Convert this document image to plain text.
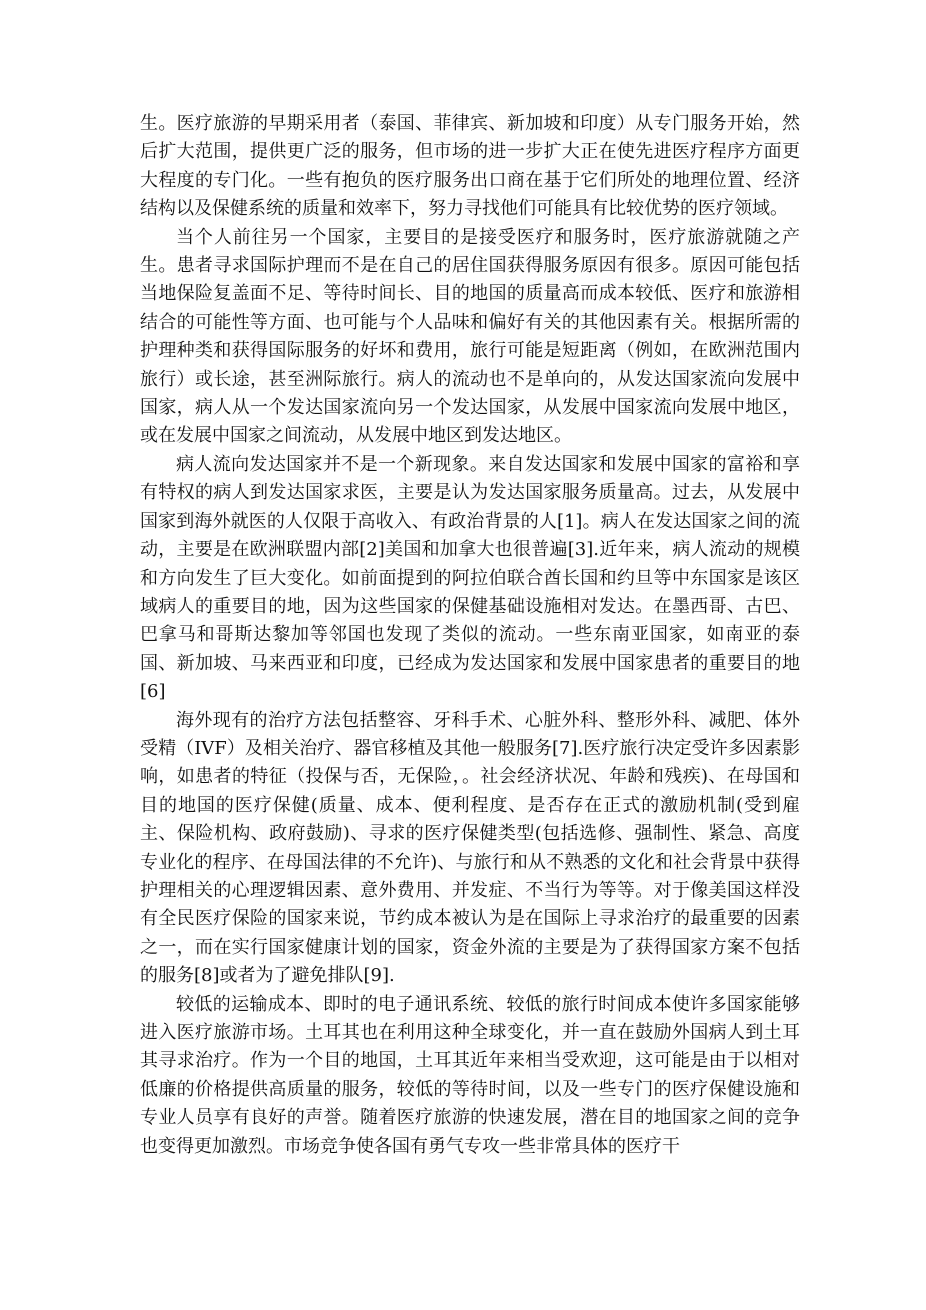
生。医疗旅游的早期采用者（泰国、菲律宾、新加坡和印度）从专门服务开始，然后扩大范围，提供更广泛的服务，但市场的进一步扩大正在使先进医疗程序方面更大程度的专门化。一些有抱负的医疗服务出口商在基于它们所处的地理位置、经济结构以及保健系统的质量和效率下，努力寻找他们可能具有比较优势的医疗领域。

当个人前往另一个国家，主要目的是接受医疗和服务时，医疗旅游就随之产生。患者寻求国际护理而不是在自己的居住国获得服务原因有很多。原因可能包括当地保险复盖面不足、等待时间长、目的地国的质量高而成本较低、医疗和旅游相结合的可能性等方面、也可能与个人品味和偏好有关的其他因素有关。根据所需的护理种类和获得国际服务的好坏和费用，旅行可能是短距离（例如，在欧洲范围内旅行）或长途，甚至洲际旅行。病人的流动也不是单向的，从发达国家流向发展中国家，病人从一个发达国家流向另一个发达国家，从发展中国家流向发展中地区，或在发展中国家之间流动，从发展中地区到发达地区。

病人流向发达国家并不是一个新现象。来自发达国家和发展中国家的富裕和享有特权的病人到发达国家求医，主要是认为发达国家服务质量高。过去，从发展中国家到海外就医的人仅限于高收入、有政治背景的人[1]。病人在发达国家之间的流动，主要是在欧洲联盟内部[2]美国和加拿大也很普遍[3].近年来，病人流动的规模和方向发生了巨大变化。如前面提到的阿拉伯联合酋长国和约旦等中东国家是该区域病人的重要目的地，因为这些国家的保健基础设施相对发达。在墨西哥、古巴、巴拿马和哥斯达黎加等邻国也发现了类似的流动。一些东南亚国家，如南亚的泰国、新加坡、马来西亚和印度，已经成为发达国家和发展中国家患者的重要目的地[6]

海外现有的治疗方法包括整容、牙科手术、心脏外科、整形外科、减肥、体外受精（IVF）及相关治疗、器官移植及其他一般服务[7].医疗旅行决定受许多因素影响，如患者的特征（投保与否，无保险，。社会经济状况、年龄和残疾)、在母国和目的地国的医疗保健(质量、成本、便利程度、是否存在正式的激励机制(受到雇主、保险机构、政府鼓励)、寻求的医疗保健类型(包括选修、强制性、紧急、高度专业化的程序、在母国法律的不允许)、与旅行和从不熟悉的文化和社会背景中获得护理相关的心理逻辑因素、意外费用、并发症、不当行为等等。对于像美国这样没有全民医疗保险的国家来说，节约成本被认为是在国际上寻求治疗的最重要的因素之一，而在实行国家健康计划的国家，资金外流的主要是为了获得国家方案不包括的服务[8]或者为了避免排队[9].

较低的运输成本、即时的电子通讯系统、较低的旅行时间成本使许多国家能够进入医疗旅游市场。土耳其也在利用这种全球变化，并一直在鼓励外国病人到土耳其寻求治疗。作为一个目的地国，土耳其近年来相当受欢迎，这可能是由于以相对低廉的价格提供高质量的服务，较低的等待时间，以及一些专门的医疗保健设施和专业人员享有良好的声誉。随着医疗旅游的快速发展，潜在目的地国家之间的竞争也变得更加激烈。市场竞争使各国有勇气专攻一些非常具体的医疗干
